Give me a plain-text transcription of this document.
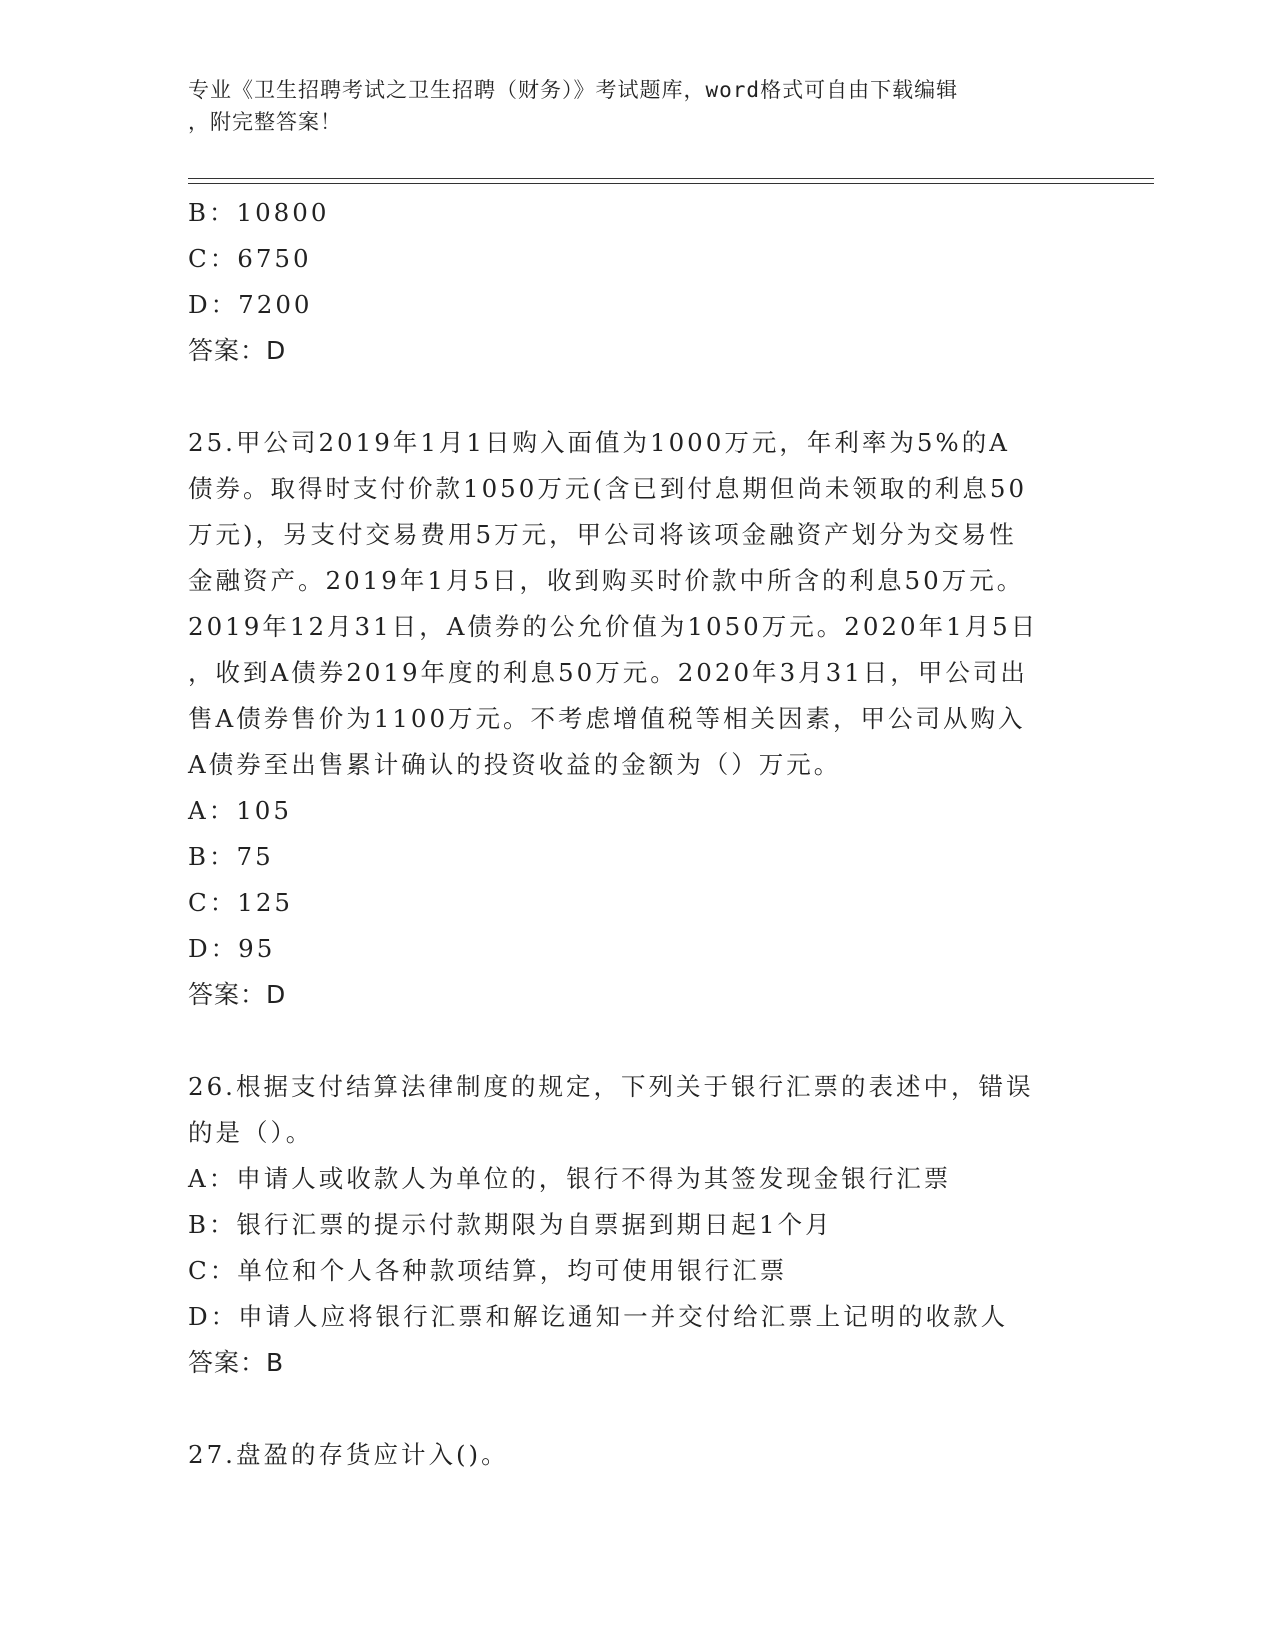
专业《卫生招聘考试之卫生招聘（财务）》考试题库，word格式可自由下载编辑
，附完整答案！
B：10800
C：6750
D：7200
答案：D
25.甲公司2019年1月1日购入面值为1000万元，年利率为5%的A
债券。取得时支付价款1050万元(含已到付息期但尚未领取的利息50
万元)，另支付交易费用5万元，甲公司将该项金融资产划分为交易性
金融资产。2019年1月5日，收到购买时价款中所含的利息50万元。
2019年12月31日，A债券的公允价值为1050万元。2020年1月5日
，收到A债券2019年度的利息50万元。2020年3月31日，甲公司出
售A债券售价为1100万元。不考虑增值税等相关因素，甲公司从购入
A债券至出售累计确认的投资收益的金额为（）万元。
A：105
B：75
C：125
D：95
答案：D
26.根据支付结算法律制度的规定，下列关于银行汇票的表述中，错误
的是（）。
A：申请人或收款人为单位的，银行不得为其签发现金银行汇票
B：银行汇票的提示付款期限为自票据到期日起1个月
C：单位和个人各种款项结算，均可使用银行汇票
D：申请人应将银行汇票和解讫通知一并交付给汇票上记明的收款人
答案：B
27.盘盈的存货应计入()。
